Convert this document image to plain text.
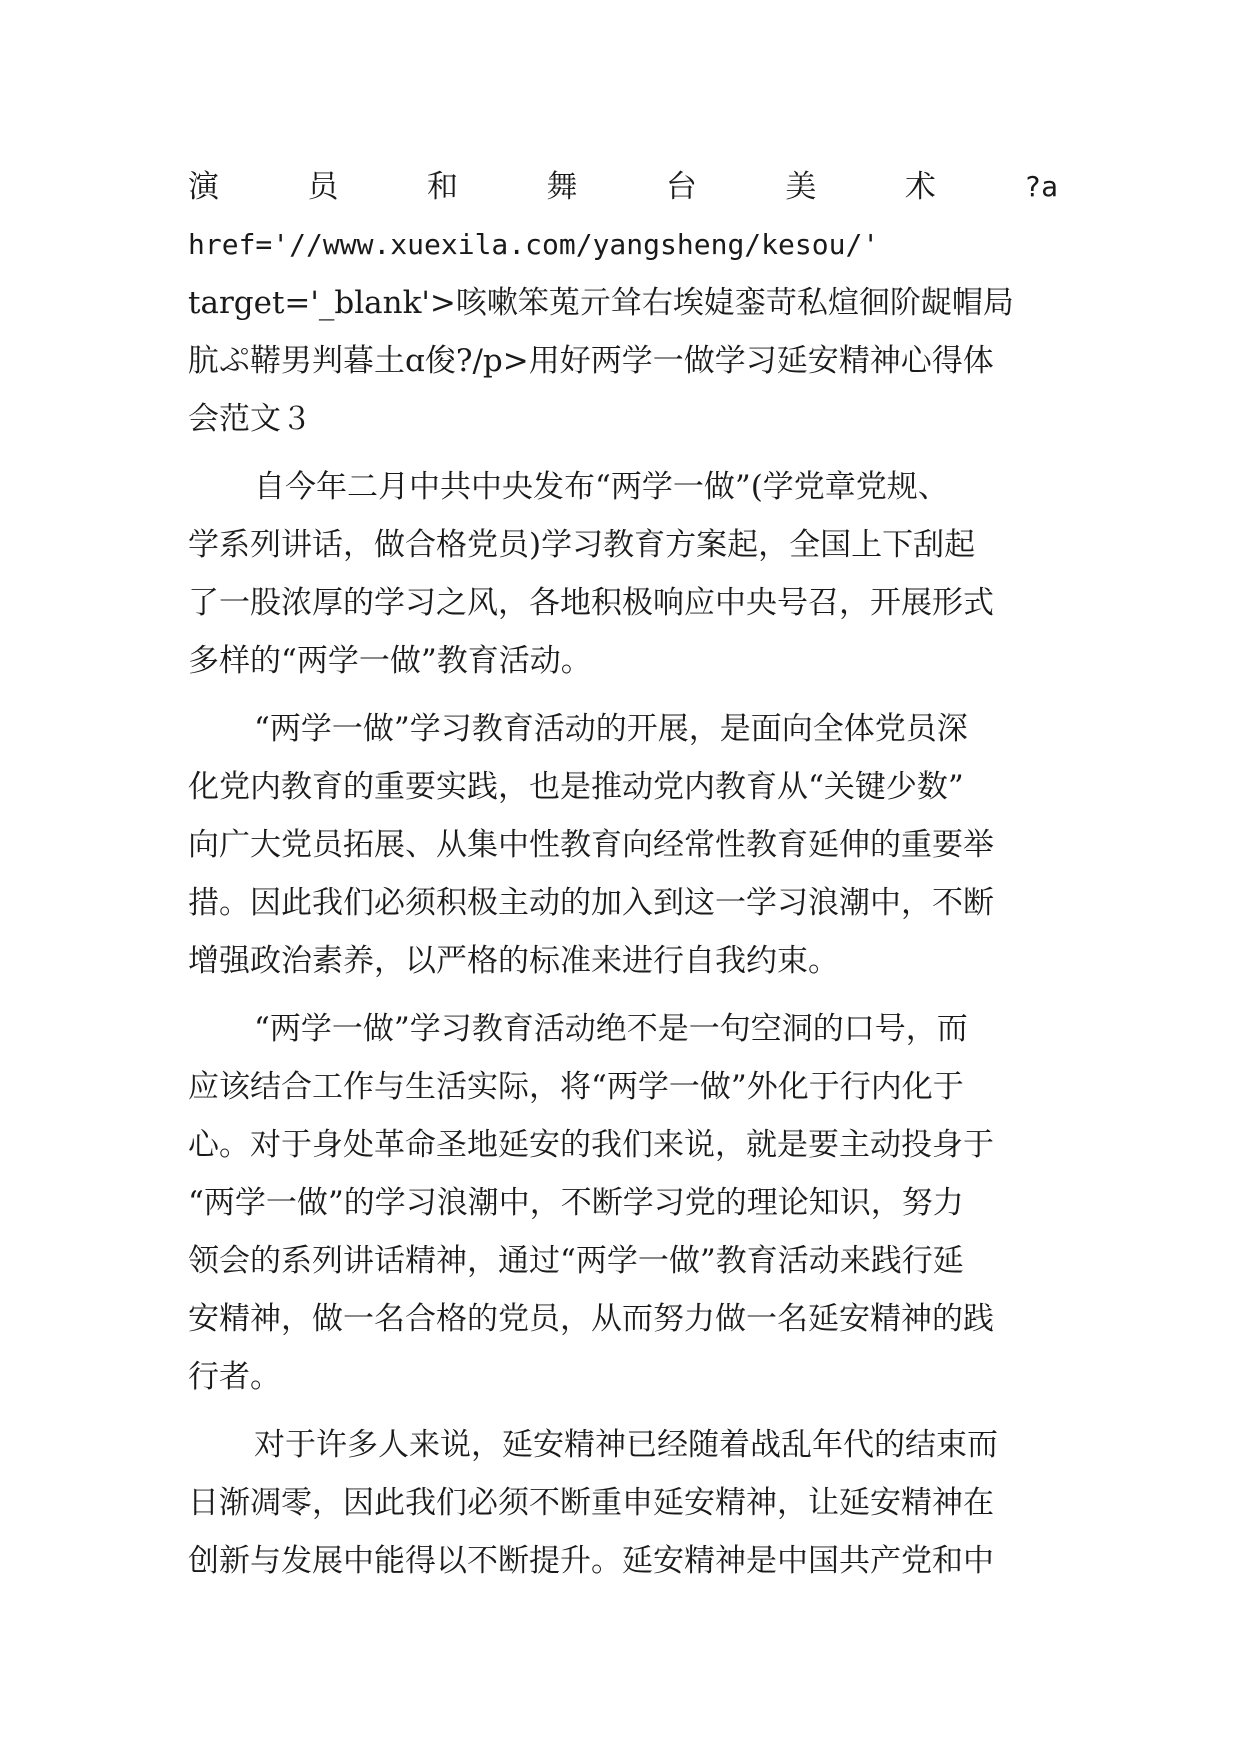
演	员	和	舞	台	美	术	?a
href='//www.xuexila.com/yangsheng/kesou/'
target='_blank'>咳嗽笨莵亓耸右埃媫銮苛私煊徊阶龊帽局
肮ぷ鞯男判暮土ɑ俊?/p>用好两学一做学习延安精神心得体
会范文３
自今年二月中共中央发布“两学一做”(学党章党规、
学系列讲话，做合格党员)学习教育方案起，全国上下刮起
了一股浓厚的学习之风，各地积极响应中央号召，开展形式
多样的“两学一做”教育活动。
“两学一做”学习教育活动的开展，是面向全体党员深
化党内教育的重要实践，也是推动党内教育从“关键少数”
向广大党员拓展、从集中性教育向经常性教育延伸的重要举
措。因此我们必须积极主动的加入到这一学习浪潮中，不断
增强政治素养，以严格的标准来进行自我约束。
“两学一做”学习教育活动绝不是一句空洞的口号，而
应该结合工作与生活实际，将“两学一做”外化于行内化于
心。对于身处革命圣地延安的我们来说，就是要主动投身于
“两学一做”的学习浪潮中，不断学习党的理论知识，努力
领会的系列讲话精神，通过“两学一做”教育活动来践行延
安精神，做一名合格的党员，从而努力做一名延安精神的践
行者。
对于许多人来说，延安精神已经随着战乱年代的结束而
日渐凋零，因此我们必须不断重申延安精神，让延安精神在
创新与发展中能得以不断提升。延安精神是中国共产党和中
